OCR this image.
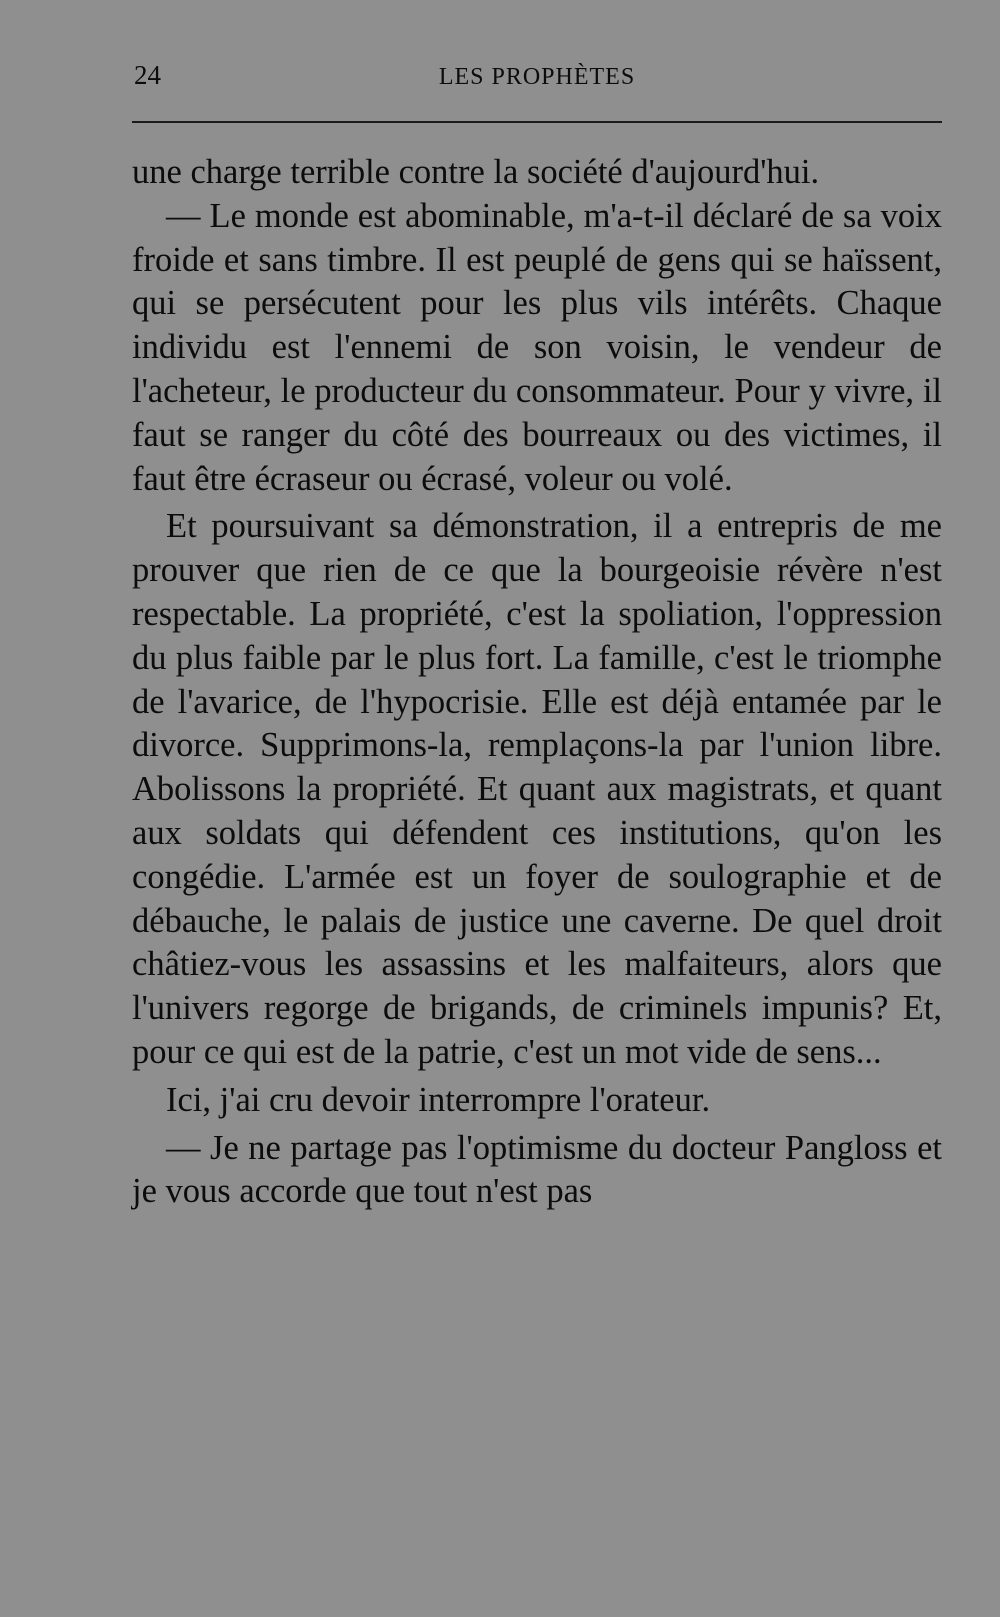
24	LES PROPHÈTES

une charge terrible contre la société d'aujourd'hui.

— Le monde est abominable, m'a-t-il déclaré de sa voix froide et sans timbre. Il est peuplé de gens qui se haïssent, qui se persécutent pour les plus vils intérêts. Chaque individu est l'ennemi de son voisin, le vendeur de l'acheteur, le producteur du consommateur. Pour y vivre, il faut se ranger du côté des bourreaux ou des victimes, il faut être écraseur ou écrasé, voleur ou volé.

Et poursuivant sa démonstration, il a entrepris de me prouver que rien de ce que la bourgeoisie révère n'est respectable. La propriété, c'est la spoliation, l'oppression du plus faible par le plus fort. La famille, c'est le triomphe de l'avarice, de l'hypocrisie. Elle est déjà entamée par le divorce. Supprimons-la, remplaçons-la par l'union libre. Abolissons la propriété. Et quant aux magistrats, et quant aux soldats qui défendent ces institutions, qu'on les congédie. L'armée est un foyer de soulographie et de débauche, le palais de justice une caverne. De quel droit châtiez-vous les assassins et les malfaiteurs, alors que l'univers regorge de brigands, de criminels impunis? Et, pour ce qui est de la patrie, c'est un mot vide de sens...

Ici, j'ai cru devoir interrompre l'orateur.

— Je ne partage pas l'optimisme du docteur Pangloss et je vous accorde que tout n'est pas
